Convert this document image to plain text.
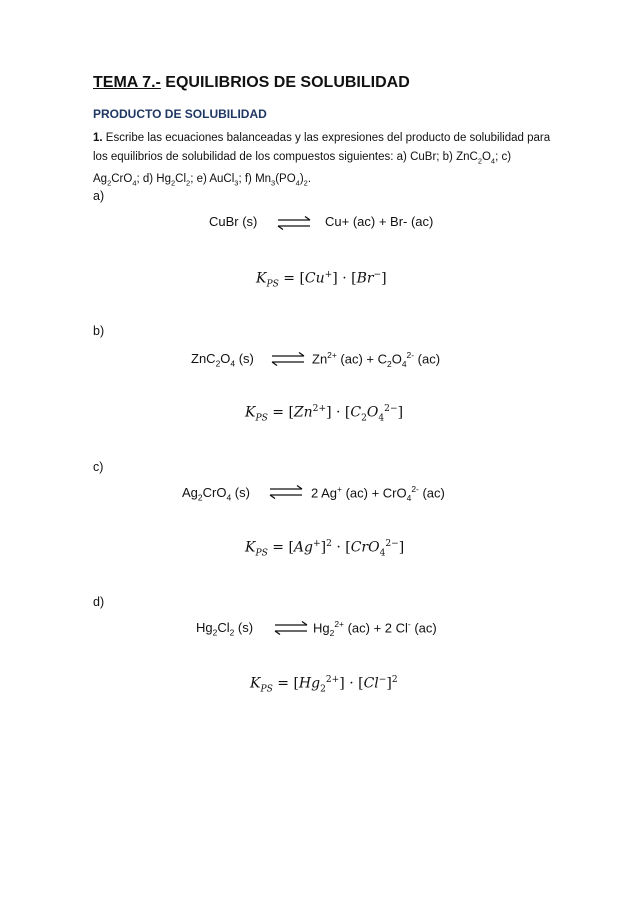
TEMA 7.- EQUILIBRIOS DE SOLUBILIDAD
PRODUCTO DE SOLUBILIDAD
1. Escribe las ecuaciones balanceadas y las expresiones del producto de solubilidad para los equilibrios de solubilidad de los compuestos siguientes: a) CuBr; b) $ZnC_2O_4$; c) $Ag_2CrO_4$; d) $Hg_2Cl_2$; e) AuCl$_3$; f) $Mn_3(PO_4)_2$.
a)
CuBr (s)	Cu+ (ac) + Br- (ac)
$K_{PS} = [Cu^+] \cdot [Br^-]$
b)
$ZnC_2O_4$ (s)	$Zn^{2+}$ $(ac) + C_2O_4^{2-}$ (ac)
$K_{PS} = [Zn^{2+}] \cdot [C_2O_4^{2-}]$
c)
$Ag_2CrO_4$ (s)	2 Ag+ (ac) + CrO$_4^{2-}$ (ac)
$K_{PS} = [Ag^+]^2 \cdot [CrO_4^{2-}]$
d)
$Hg_2Cl_2$ (s)	$Hg_2^{2+}$ (ac) + 2 Cl- (ac)
$K_{PS} = [Hg_2^{2+}] \cdot [Cl^-]^2$
